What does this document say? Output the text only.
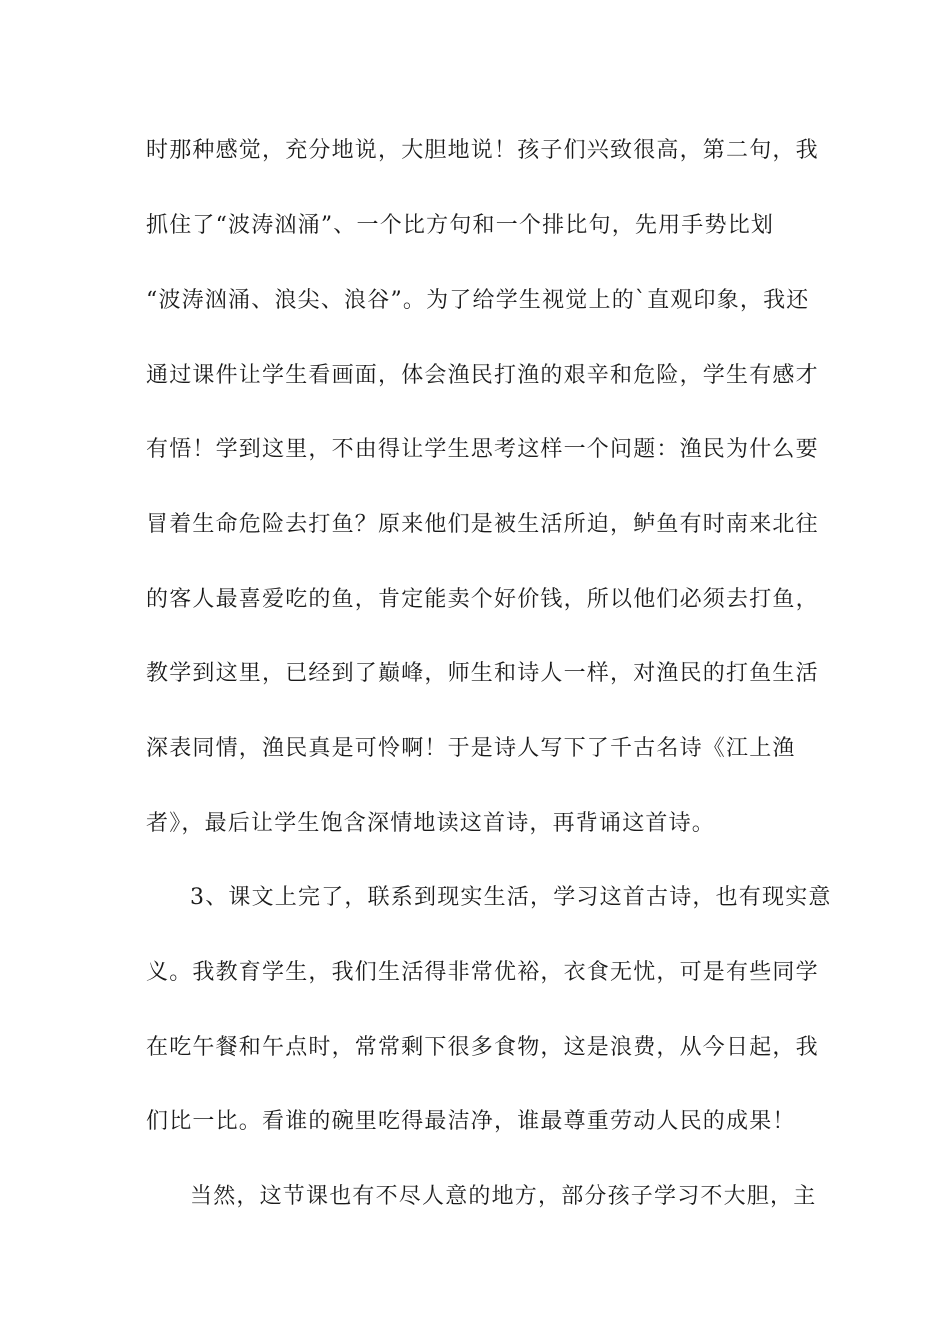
时那种感觉，充分地说，大胆地说！孩子们兴致很高，第二句，我
抓住了“波涛汹涌”、一个比方句和一个排比句，先用手势比划
“波涛汹涌、浪尖、浪谷”。为了给学生视觉上的`直观印象，我还
通过课件让学生看画面，体会渔民打渔的艰辛和危险，学生有感才
有悟！学到这里，不由得让学生思考这样一个问题：渔民为什么要
冒着生命危险去打鱼？原来他们是被生活所迫，鲈鱼有时南来北往
的客人最喜爱吃的鱼，肯定能卖个好价钱，所以他们必须去打鱼，
教学到这里，已经到了巅峰，师生和诗人一样，对渔民的打鱼生活
深表同情，渔民真是可怜啊！于是诗人写下了千古名诗《江上渔
者》，最后让学生饱含深情地读这首诗，再背诵这首诗。
3、课文上完了，联系到现实生活，学习这首古诗，也有现实意
义。我教育学生，我们生活得非常优裕，衣食无忧，可是有些同学
在吃午餐和午点时，常常剩下很多食物，这是浪费，从今日起，我
们比一比。看谁的碗里吃得最洁净，谁最尊重劳动人民的成果！
当然，这节课也有不尽人意的地方，部分孩子学习不大胆，主
